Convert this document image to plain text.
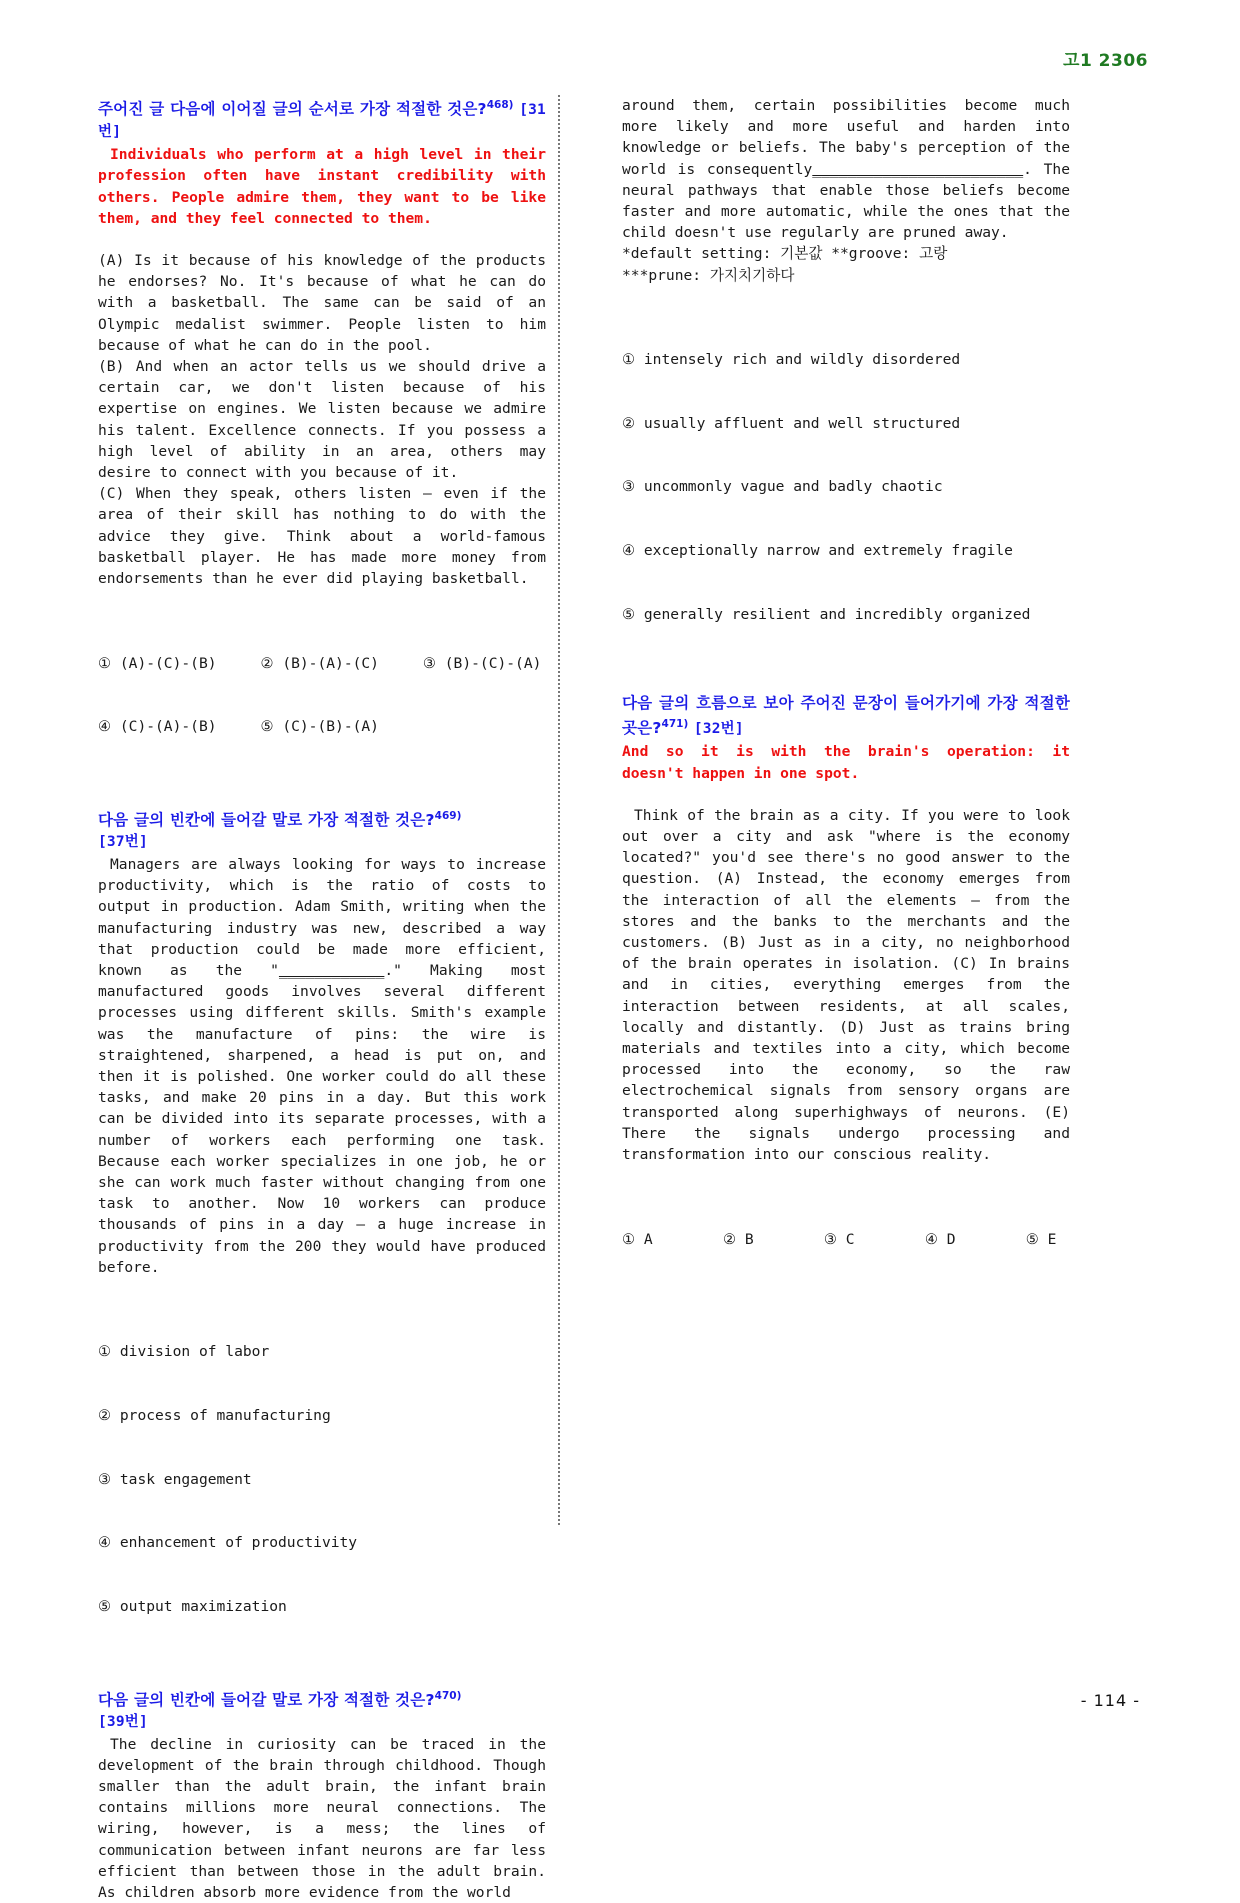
고1 2306

주어진 글 다음에 이어질 글의 순서로 가장 적절한 것은?$^{468)}$ [31번]

Individuals who perform at a high level in their profession often have instant credibility with others. People admire them, they want to be like them, and they feel connected to them.

(A) Is it because of his knowledge of the products he endorses? No. It's because of what he can do with a basketball. The same can be said of an Olympic medalist swimmer. People listen to him because of what he can do in the pool.

(B) And when an actor tells us we should drive a certain car, we don't listen because of his expertise on engines. We listen because we admire his talent. Excellence connects. If you possess a high level of ability in an area, others may desire to connect with you because of it.

(C) When they speak, others listen – even if the area of their skill has nothing to do with the advice they give. Think about a world-famous basketball player. He has made more money from endorsements than he ever did playing basketball.

① (A)-(C)-(B)     ② (B)-(A)-(C)     ③ (B)-(C)-(A)

④ (C)-(A)-(B)     ⑤ (C)-(B)-(A)

다음 글의 빈칸에 들어갈 말로 가장 적절한 것은?$^{469)}$
[37번]

Managers are always looking for ways to increase productivity, which is the ratio of costs to output in production. Adam Smith, writing when the manufacturing industry was new, described a way that production could be made more efficient, known as the "____________." Making most manufactured goods involves several different processes using different skills. Smith's example was the manufacture of pins: the wire is straightened, sharpened, a head is put on, and then it is polished. One worker could do all these tasks, and make 20 pins in a day. But this work can be divided into its separate processes, with a number of workers each performing one task. Because each worker specializes in one job, he or she can work much faster without changing from one task to another. Now 10 workers can produce thousands of pins in a day – a huge increase in productivity from the 200 they would have produced before.

① division of labor

② process of manufacturing

③ task engagement

④ enhancement of productivity

⑤ output maximization

다음 글의 빈칸에 들어갈 말로 가장 적절한 것은?$^{470)}$
[39번]

The decline in curiosity can be traced in the development of the brain through childhood. Though smaller than the adult brain, the infant brain contains millions more neural connections. The wiring, however, is a mess; the lines of communication between infant neurons are far less efficient than between those in the adult brain. As children absorb more evidence from the world

around them, certain possibilities become much more likely and more useful and harden into knowledge or beliefs. The baby's perception of the world is consequently________________________. The neural pathways that enable those beliefs become faster and more automatic, while the ones that the child doesn't use regularly are pruned away.

*default setting: 기본값 **groove: 고랑

***prune: 가지치기하다

① intensely rich and wildly disordered

② usually affluent and well structured

③ uncommonly vague and badly chaotic

④ exceptionally narrow and extremely fragile

⑤ generally resilient and incredibly organized

다음 글의 흐름으로 보아 주어진 문장이 들어가기에 가장 적절한 곳은?$^{471)}$ [32번]

And so it is with the brain's operation: it doesn't happen in one spot.

Think of the brain as a city. If you were to look out over a city and ask "where is the economy located?" you'd see there's no good answer to the question. (A) Instead, the economy emerges from the interaction of all the elements – from the stores and the banks to the merchants and the customers. (B) Just as in a city, no neighborhood of the brain operates in isolation. (C) In brains and in cities, everything emerges from the interaction between residents, at all scales, locally and distantly. (D) Just as trains bring materials and textiles into a city, which become processed into the economy, so the raw electrochemical signals from sensory organs are transported along superhighways of neurons. (E) There the signals undergo processing and transformation into our conscious reality.

① A        ② B        ③ C        ④ D        ⑤ E

- 114 -
